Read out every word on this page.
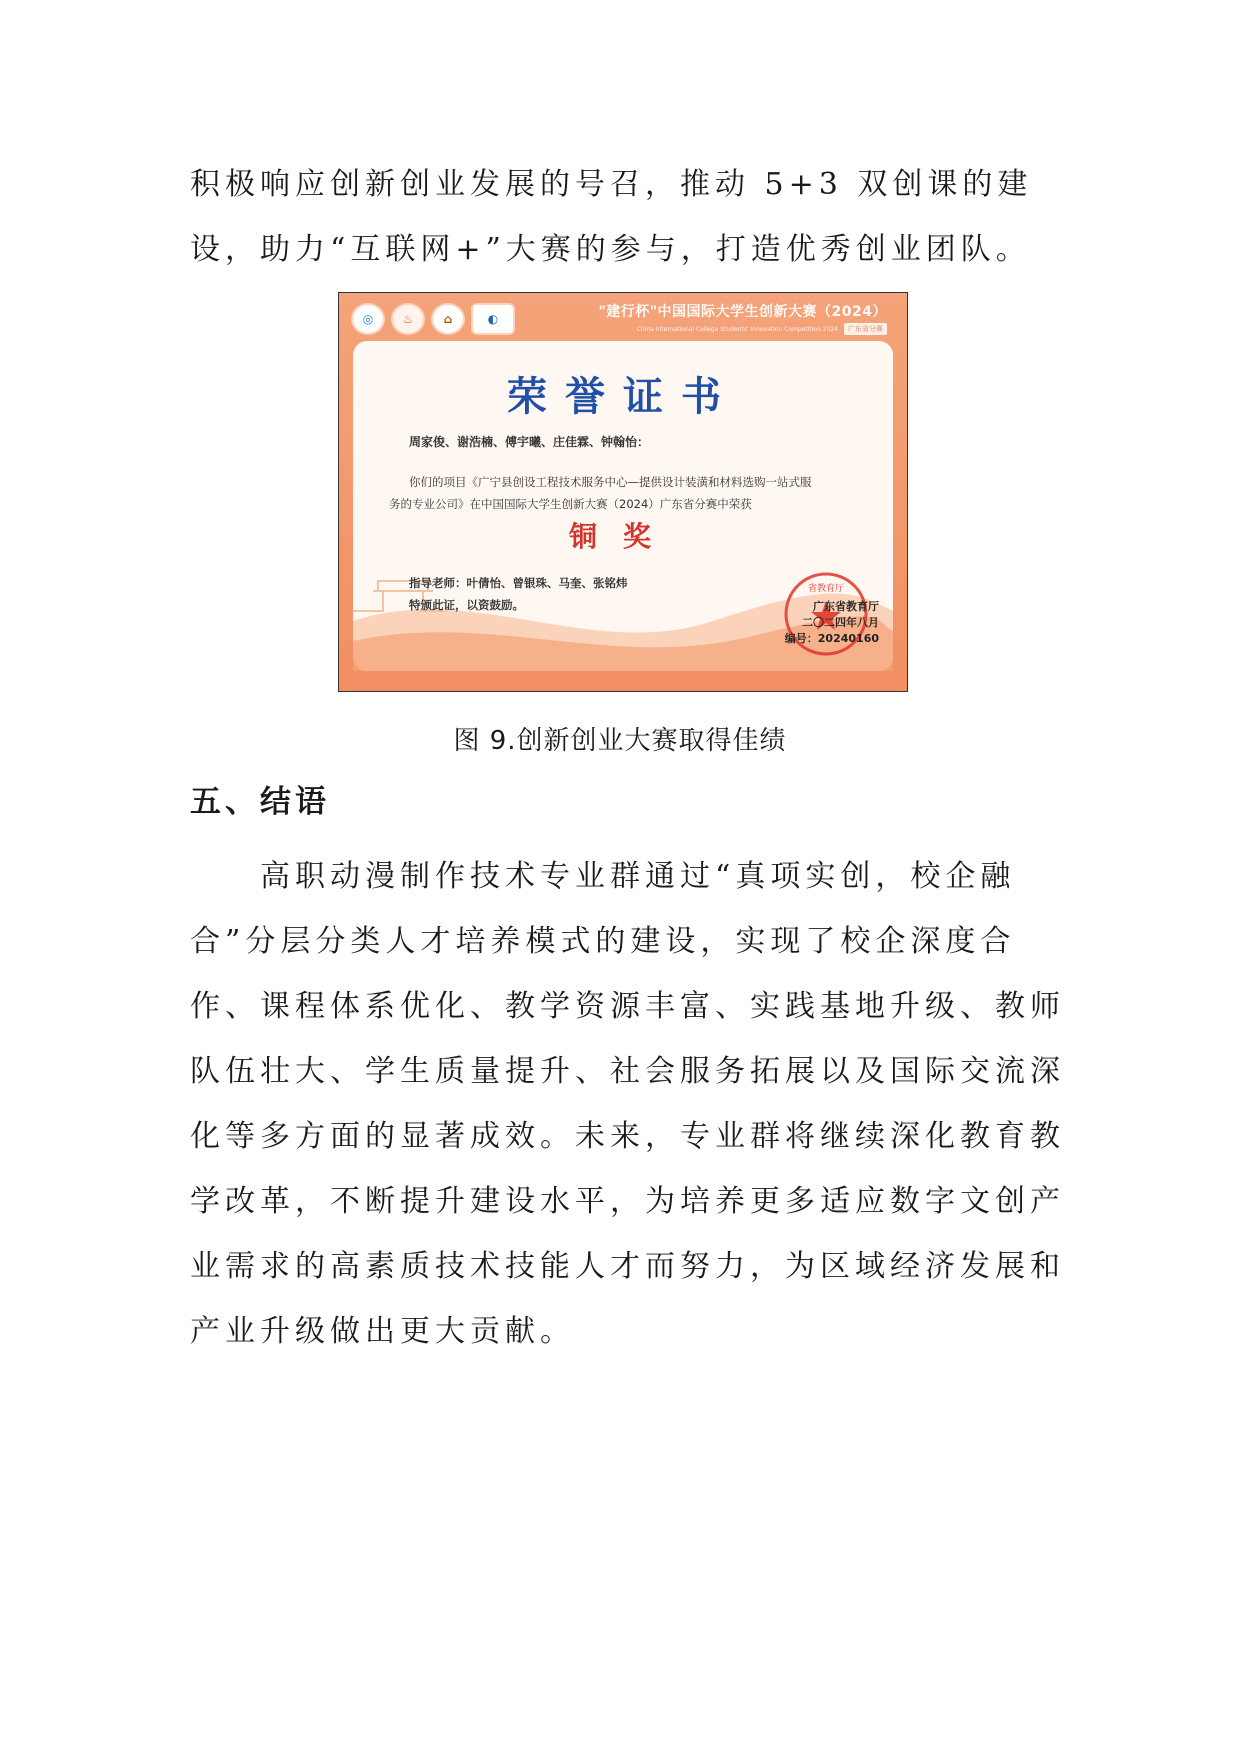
积极响应创新创业发展的号召，推动 5+3 双创课的建设，助力“互联网+”大赛的参与，打造优秀创业团队。

◎	♨	⌂	◐	"建行杯"中国国际大学生创新大赛（2024）
China International College Students' Innovation Competition 2024 广东省分赛
荣誉证书
周家俊、谢浩楠、傅宇曦、庄佳霖、钟翰怡：

你们的项目《广宁县创设工程技术服务中心—提供设计装潢和材料选购一站式服

务的专业公司》在中国国际大学生创新大赛（2024）广东省分赛中荣获

铜奖
指导老师：叶倩怡、曾银珠、马奎、张铭炜
特颁此证，以资鼓励。
省教育厅
广东省教育厅
二〇二四年八月
编号：20240160
图 9.创新创业大赛取得佳绩
五、结语

高职动漫制作技术专业群通过“真项实创，校企融合”分层分类人才培养模式的建设，实现了校企深度合作、课程体系优化、教学资源丰富、实践基地升级、教师队伍壮大、学生质量提升、社会服务拓展以及国际交流深化等多方面的显著成效。未来，专业群将继续深化教育教学改革，不断提升建设水平，为培养更多适应数字文创产业需求的高素质技术技能人才而努力，为区域经济发展和产业升级做出更大贡献。
